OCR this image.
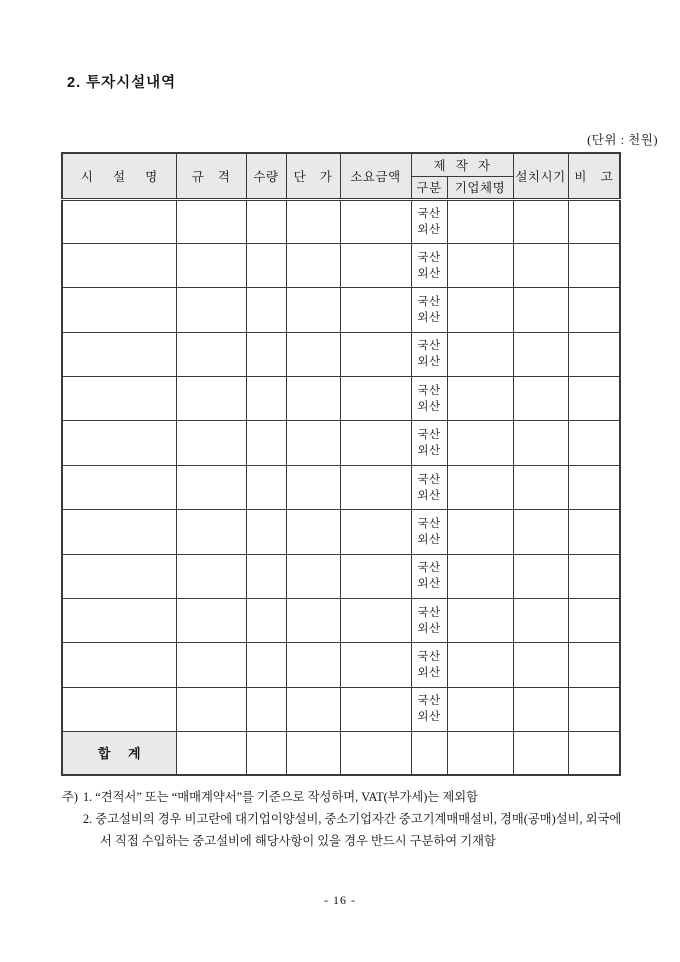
2. 투자시설내역
(단위 : 천원)
시 설 명	규 격	수량	단 가	소요금액	제 작 자		설치시기	비 고
					구분	기업체명		

					국산
외산			

					국산
외산			

					국산
외산			

					국산
외산			

					국산
외산			

					국산
외산			

					국산
외산			

					국산
외산			

					국산
외산			

					국산
외산			

					국산
외산			

					국산
외산			

합 계								
주) 1. “견적서” 또는 “매매계약서”를 기준으로 작성하며, VAT(부가세)는 제외함
2. 중고설비의 경우 비고란에 대기업이양설비, 중소기업자간 중고기계매매설비, 경매(공매)설비, 외국에서 직접 수입하는 중고설비에 해당사항이 있을 경우 반드시 구분하여 기재함
- 16 -
